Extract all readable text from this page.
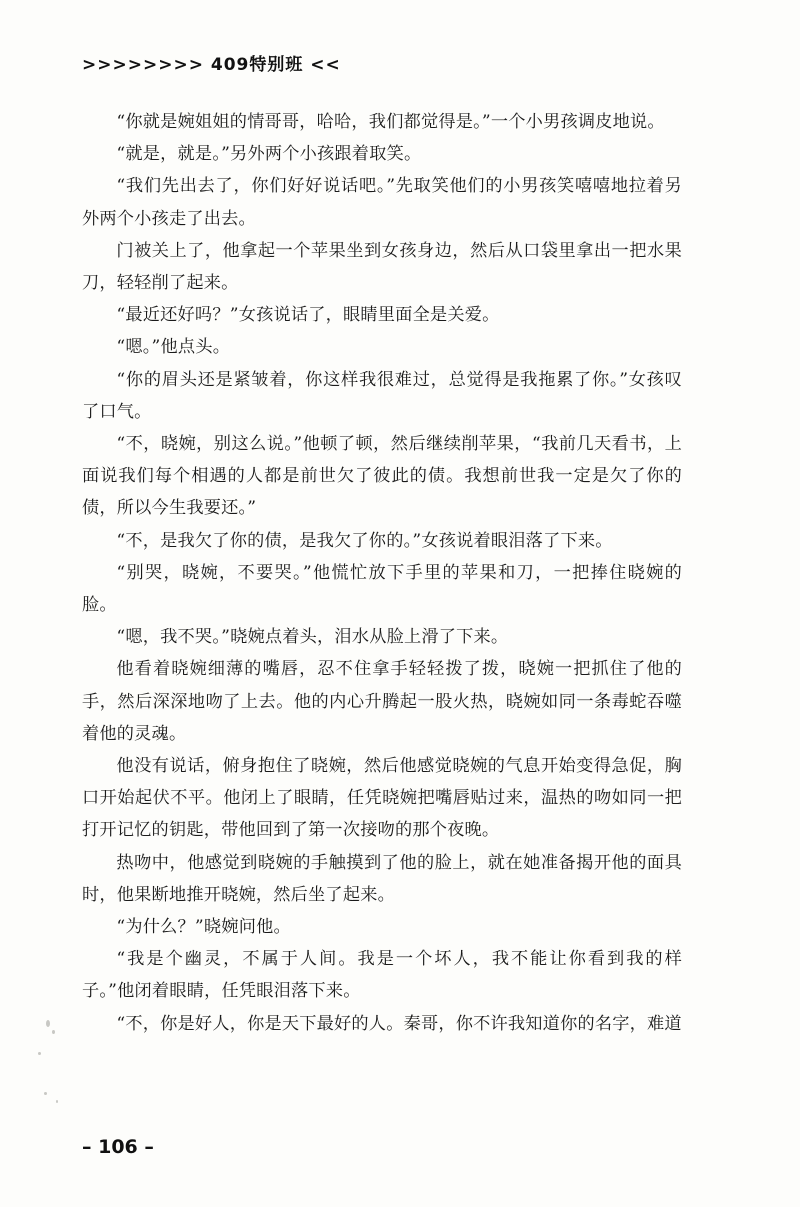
>>>>>>>> 409特别班 <<

“你就是婉姐姐的情哥哥，哈哈，我们都觉得是。”一个小男孩调皮地说。

“就是，就是。”另外两个小孩跟着取笑。

“我们先出去了，你们好好说话吧。”先取笑他们的小男孩笑嘻嘻地拉着另外两个小孩走了出去。

门被关上了，他拿起一个苹果坐到女孩身边，然后从口袋里拿出一把水果刀，轻轻削了起来。

“最近还好吗？”女孩说话了，眼睛里面全是关爱。

“嗯。”他点头。

“你的眉头还是紧皱着，你这样我很难过，总觉得是我拖累了你。”女孩叹了口气。

“不，晓婉，别这么说。”他顿了顿，然后继续削苹果，“我前几天看书，上面说我们每个相遇的人都是前世欠了彼此的债。我想前世我一定是欠了你的债，所以今生我要还。”

“不，是我欠了你的债，是我欠了你的。”女孩说着眼泪落了下来。

“别哭，晓婉，不要哭。”他慌忙放下手里的苹果和刀，一把捧住晓婉的脸。

“嗯，我不哭。”晓婉点着头，泪水从脸上滑了下来。

他看着晓婉细薄的嘴唇，忍不住拿手轻轻拨了拨，晓婉一把抓住了他的手，然后深深地吻了上去。他的内心升腾起一股火热，晓婉如同一条毒蛇吞噬着他的灵魂。

他没有说话，俯身抱住了晓婉，然后他感觉晓婉的气息开始变得急促，胸口开始起伏不平。他闭上了眼睛，任凭晓婉把嘴唇贴过来，温热的吻如同一把打开记忆的钥匙，带他回到了第一次接吻的那个夜晚。

热吻中，他感觉到晓婉的手触摸到了他的脸上，就在她准备揭开他的面具时，他果断地推开晓婉，然后坐了起来。

“为什么？”晓婉问他。

“我是个幽灵，不属于人间。我是一个坏人，我不能让你看到我的样子。”他闭着眼睛，任凭眼泪落下来。

“不，你是好人，你是天下最好的人。秦哥，你不许我知道你的名字，难道

– 106 –
